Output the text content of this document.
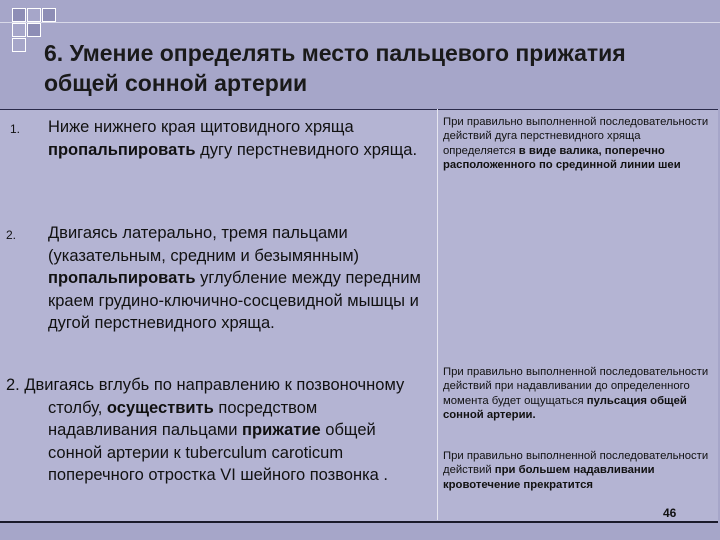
6. Умение определять место пальцевого прижатия общей сонной артерии
1. Ниже нижнего края щитовидного хряща пропальпировать дугу перстневидного хряща.
2. Двигаясь латерально, тремя пальцами (указательным, средним и безымянным) пропальпировать углубление между передним краем грудино-ключично-сосцевидной мышцы и дугой перстневидного хряща.
2. Двигаясь вглубь по направлению к позвоночному столбу, осуществить посредством надавливания пальцами прижатие общей сонной артерии к tuberculum caroticum поперечного отростка VI шейного позвонка .
При правильно выполненной последовательности действий дуга перстневидного хряща определяется в виде валика, поперечно расположенного по срединной линии шеи
При правильно выполненной последовательности действий при надавливании до определенного момента будет ощущаться пульсация общей сонной артерии.
При правильно выполненной последовательности действий при большем надавливании кровотечение прекратится
46
